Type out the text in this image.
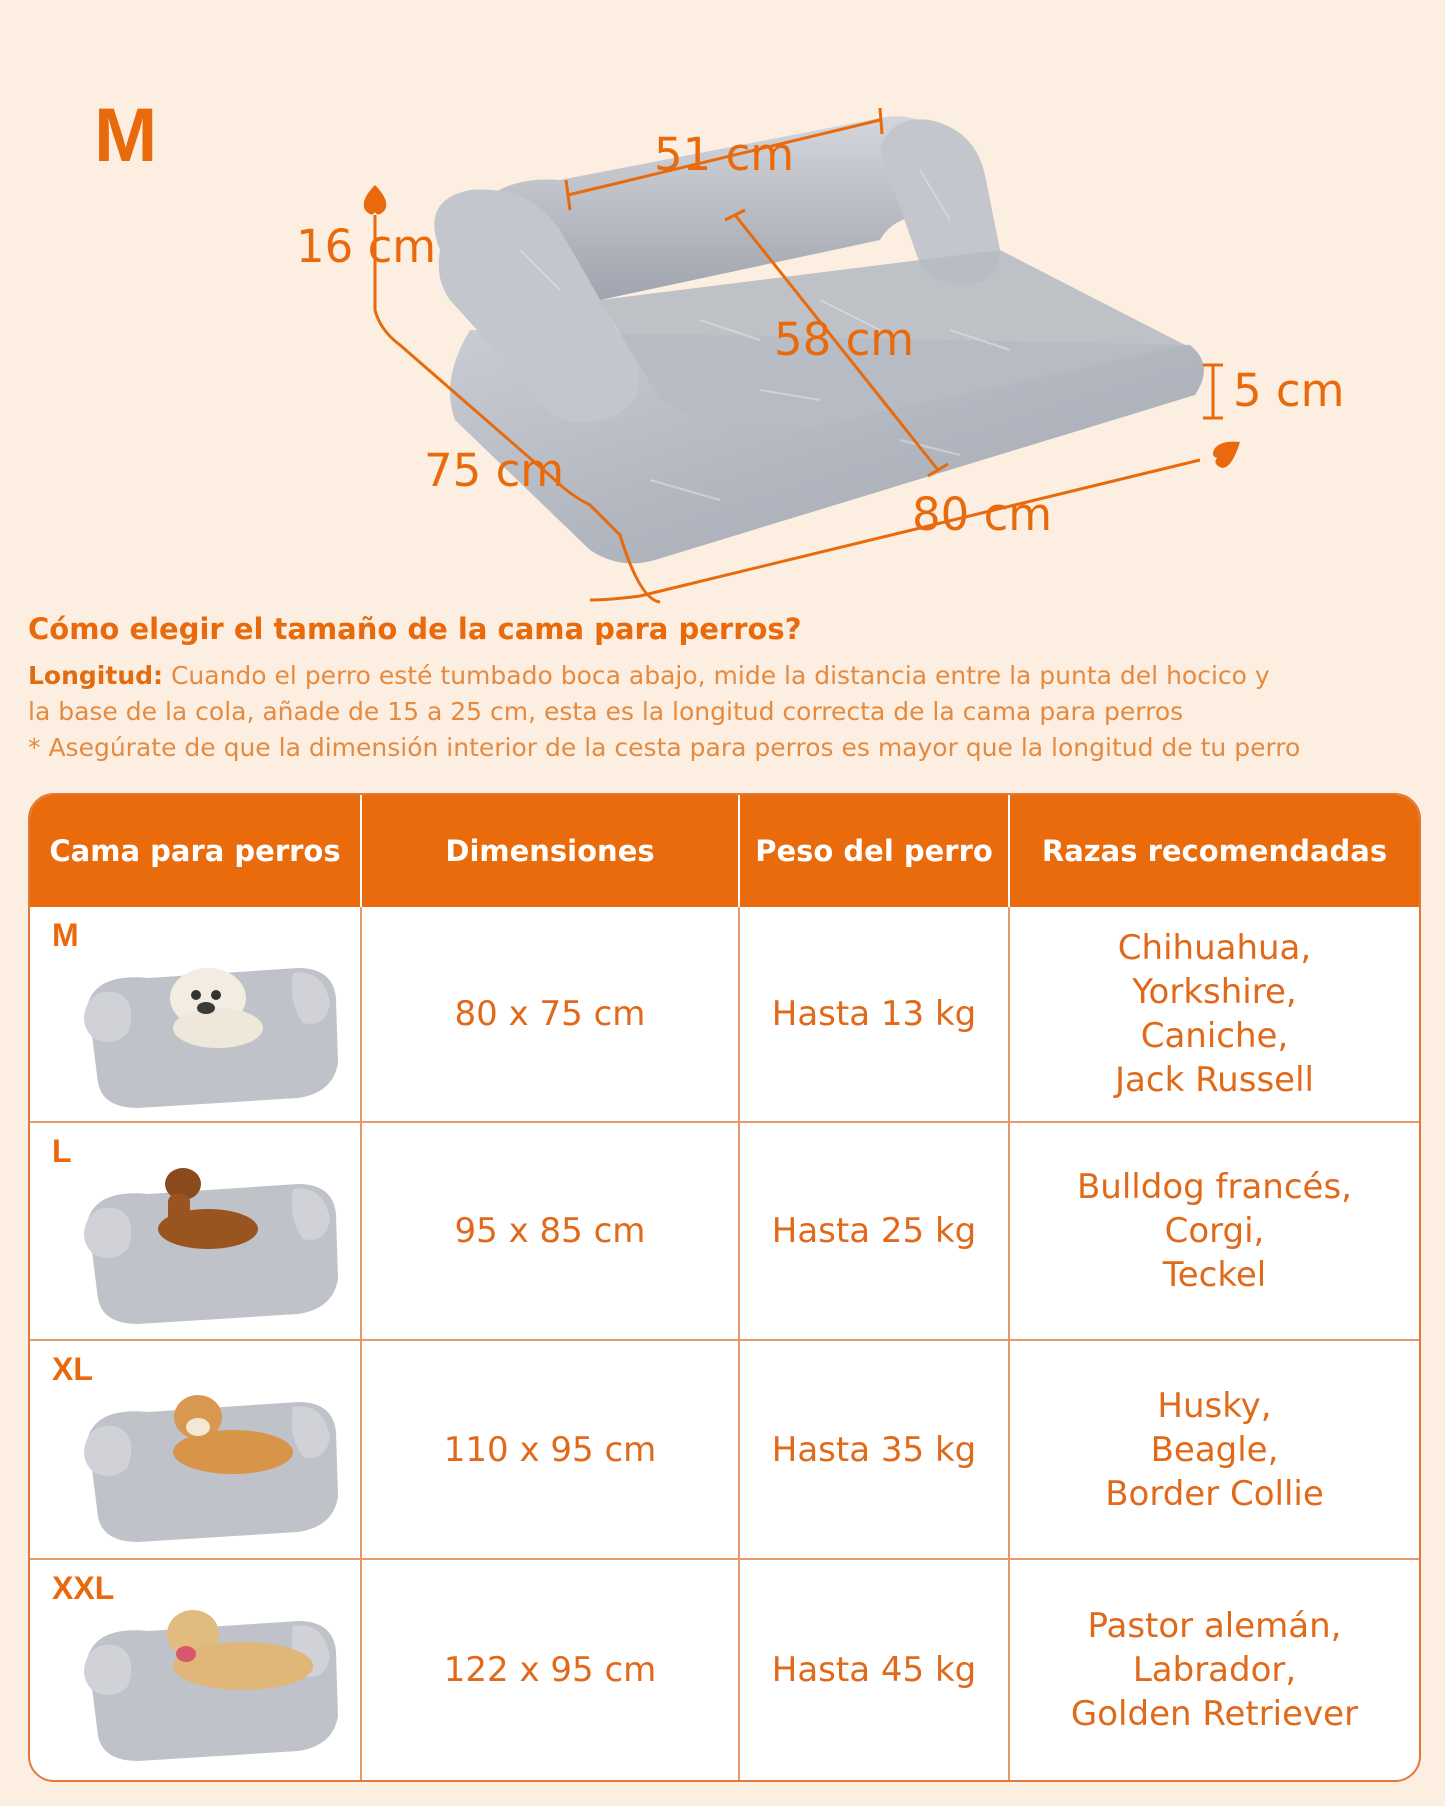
M	51 cm
16 cm
58 cm
5 cm
75 cm
80 cm
Cómo elegir el tamaño de la cama para perros?

Longitud: Cuando el perro esté tumbado boca abajo, mide la distancia entre la punta del hocico y

la base de la cola, añade de 15 a 25 cm, esta es la longitud correcta de la cama para perros

* Asegúrate de que la dimensión interior de la cesta para perros es mayor que la longitud de tu perro

Cama para perros	Dimensiones	Peso del perro	Razas recomendadas

M	80 x 75 cm	Hasta 13 kg	Chihuahua,
Yorkshire,
Caniche,
Jack Russell

L	95 x 85 cm	Hasta 25 kg	Bulldog francés,
Corgi,
Teckel

XL	110 x 95 cm	Hasta 35 kg	Husky,
Beagle,
Border Collie

XXL	122 x 95 cm	Hasta 45 kg	Pastor alemán,
Labrador,
Golden Retriever
